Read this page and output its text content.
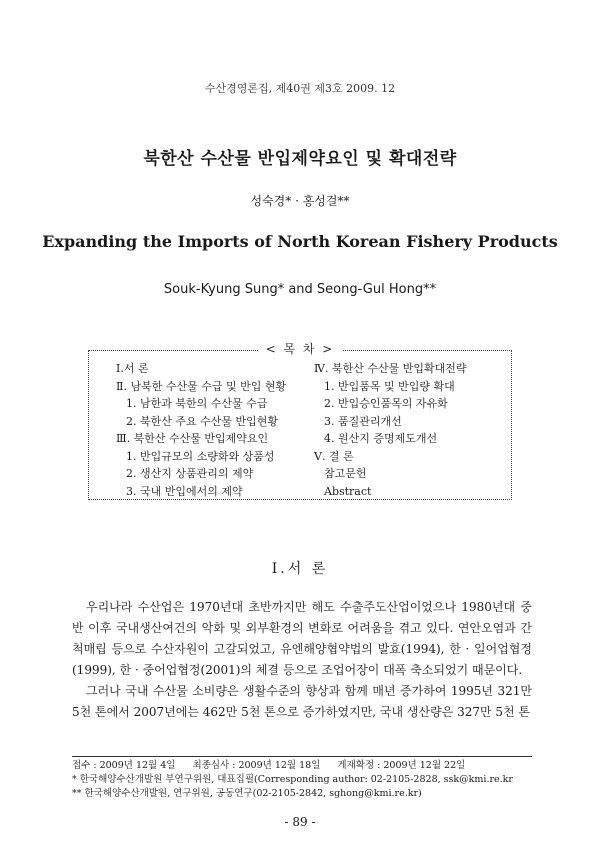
수산경영론집, 제40권 제3호 2009. 12
북한산 수산물 반입제약요인 및 확대전략
성숙경* · 홍성걸**
Expanding the Imports of North Korean Fishery Products
Souk-Kyung Sung* and Seong-Gul Hong**
< 목 차 >
Ⅰ.서 론
Ⅱ. 남북한 수산물 수급 및 반입 현황
1. 남한과 북한의 수산물 수급
2. 북한산 주요 수산물 반입현황
Ⅲ. 북한산 수산물 반입제약요인
1. 반입규모의 소량화와 상품성
2. 생산지 상품관리의 제약
3. 국내 반입에서의 제약
Ⅳ. 북한산 수산물 반입확대전략
1. 반입품목 및 반입량 확대
2. 반입승인품목의 자유화
3. 품질관리개선
4. 원산지 증명제도개선
Ⅴ. 결 론
참고문헌
Abstract
Ⅰ.서 론

우리나라 수산업은 1970년대 초반까지만 해도 수출주도산업이었으나 1980년대 중반 이후 국내생산여건의 악화 및 외부환경의 변화로 어려움을 겪고 있다. 연안오염과 간척매립 등으로 수산자원이 고갈되었고, 유엔해양협약법의 발효(1994), 한 · 일어업협정(1999), 한 · 중어업협정(2001)의 체결 등으로 조업어장이 대폭 축소되었기 때문이다.

그러나 국내 수산물 소비량은 생활수준의 향상과 함께 매년 증가하여 1995년 321만 5천 톤에서 2007년에는 462만 5천 톤으로 증가하였지만, 국내 생산량은 327만 5천 톤

접수 : 2009년 12월 4일 최종심사 : 2009년 12월 18일 게재확정 : 2009년 12월 22일
* 한국해양수산개발원 부연구위원, 대표집필(Corresponding author: 02-2105-2828, ssk@kmi.re.kr
** 한국해양수산개발원, 연구위원, 공동연구(02-2105-2842, sghong@kmi.re.kr)
- 89 -
